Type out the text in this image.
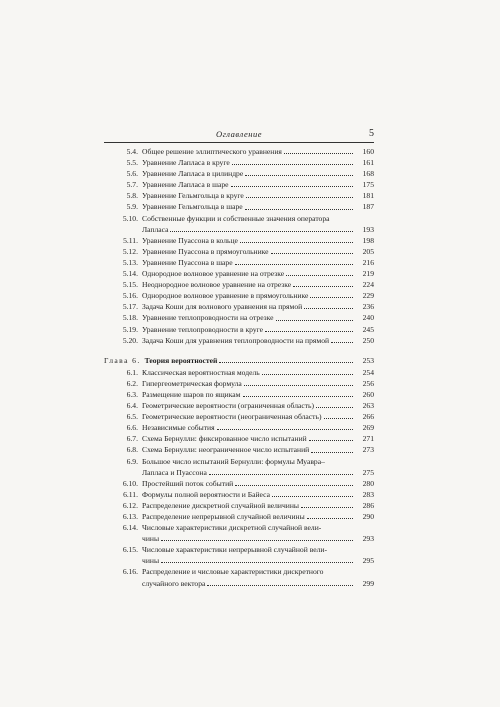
Оглавление	5
5.4. Общее решение эллиптического уравнения	160
5.5. Уравнение Лапласа в круге	161
5.6. Уравнение Лапласа в цилиндре	168
5.7. Уравнение Лапласа в шаре	175
5.8. Уравнение Гельмгольца в круге	181
5.9. Уравнение Гельмгольца в шаре	187
5.10. Собственные функции и собственные значения оператора
Лапласа	193
5.11. Уравнение Пуассона в кольце	198
5.12. Уравнение Пуассона в прямоугольнике	205
5.13. Уравнение Пуассона в шаре	216
5.14. Однородное волновое уравнение на отрезке	219
5.15. Неоднородное волновое уравнение на отрезке	224
5.16. Однородное волновое уравнение в прямоугольнике	229
5.17. Задача Коши для волнового уравнения на прямой	236
5.18. Уравнение теплопроводности на отрезке	240
5.19. Уравнение теплопроводности в круге	245
5.20. Задача Коши для уравнения теплопроводности на прямой	250
Глава 6. Теория вероятностей	253
6.1. Классическая вероятностная модель	254
6.2. Гипергеометрическая формула	256
6.3. Размещение шаров по ящикам	260
6.4. Геометрические вероятности (ограниченная область)	263
6.5. Геометрические вероятности (неограниченная область)	266
6.6. Независимые события	269
6.7. Схема Бернулли: фиксированное число испытаний	271
6.8. Схема Бернулли: неограниченное число испытаний	273
6.9. Большое число испытаний Бернулли: формулы Муавра–
Лапласа и Пуассона	275
6.10. Простейший поток событий	280
6.11. Формулы полной вероятности и Байеса	283
6.12. Распределение дискретной случайной величины	286
6.13. Распределение непрерывной случайной величины	290
6.14. Числовые характеристики дискретной случайной вели-
чины	293
6.15. Числовые характеристики непрерывной случайной вели-
чины	295
6.16. Распределение и числовые характеристики дискретного
случайного вектора	299
